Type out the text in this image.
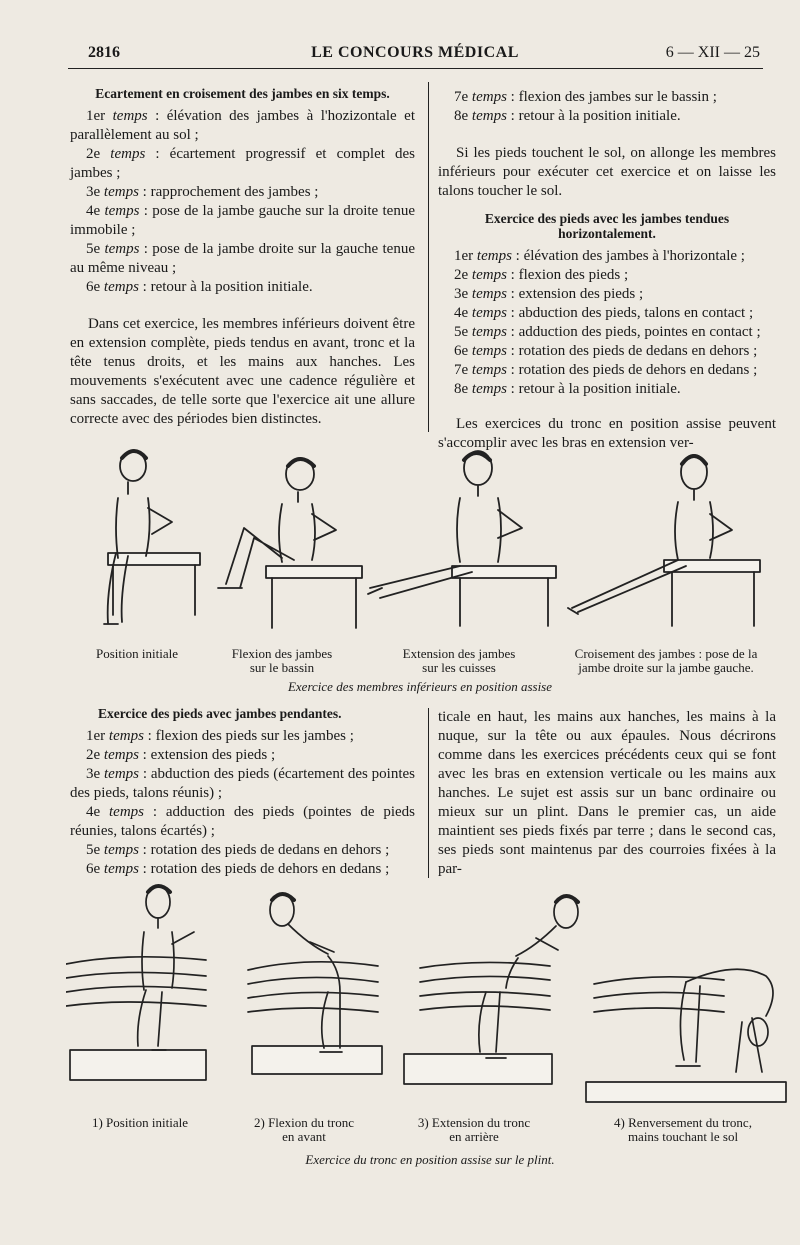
2816	LE CONCOURS MÉDICAL	6 — XII — 25

Ecartement en croisement des jambes en six temps.

1er temps : élévation des jambes à l'hozizontale et parallèlement au sol ;

2e temps : écartement progressif et complet des jambes ;

3e temps : rapprochement des jambes ;

4e temps : pose de la jambe gauche sur la droite tenue immobile ;

5e temps : pose de la jambe droite sur la gauche tenue au même niveau ;

6e temps : retour à la position initiale.

Dans cet exercice, les membres inférieurs doivent être en extension complète, pieds tendus en avant, tronc et la tête tenus droits, et les mains aux hanches. Les mouvements s'exécutent avec une cadence régulière et sans saccades, de telle sorte que l'exercice ait une allure correcte avec des périodes bien distinctes.

7e temps : flexion des jambes sur le bassin ;

8e temps : retour à la position initiale.

Si les pieds touchent le sol, on allonge les membres inférieurs pour exécuter cet exercice et on laisse les talons toucher le sol.

Exercice des pieds avec les jambes tendues horizontalement.

1er temps : élévation des jambes à l'horizontale ;

2e temps : flexion des pieds ;

3e temps : extension des pieds ;

4e temps : abduction des pieds, talons en contact ;

5e temps : adduction des pieds, pointes en contact ;

6e temps : rotation des pieds de dedans en dehors ;

7e temps : rotation des pieds de dehors en dedans ;

8e temps : retour à la position initiale.

Les exercices du tronc en position assise peuvent s'accomplir avec les bras en extension ver-

Position initiale	Flexion des jambes
sur le bassin
Extension des jambes
sur les cuisses
Croisement des jambes : pose de la
jambe droite sur la jambe gauche.
Exercice des membres inférieurs en position assise

Exercice des pieds avec jambes pendantes.

1er temps : flexion des pieds sur les jambes ;

2e temps : extension des pieds ;

3e temps : abduction des pieds (écartement des pointes des pieds, talons réunis) ;

4e temps : adduction des pieds (pointes de pieds réunies, talons écartés) ;

5e temps : rotation des pieds de dedans en dehors ;

6e temps : rotation des pieds de dehors en dedans ;

ticale en haut, les mains aux hanches, les mains à la nuque, sur la tête ou aux épaules. Nous décrirons comme dans les exercices précédents ceux qui se font avec les bras en extension verticale ou les mains aux hanches. Le sujet est assis sur un banc ordinaire ou mieux sur un plint. Dans le premier cas, un aide maintient ses pieds fixés par terre ; dans le second cas, ses pieds sont maintenus par des courroies fixées à la par-

1) Position initiale	2) Flexion du tronc
en avant
3) Extension du tronc
en arrière
4) Renversement du tronc,
mains touchant le sol
Exercice du tronc en position assise sur le plint.
